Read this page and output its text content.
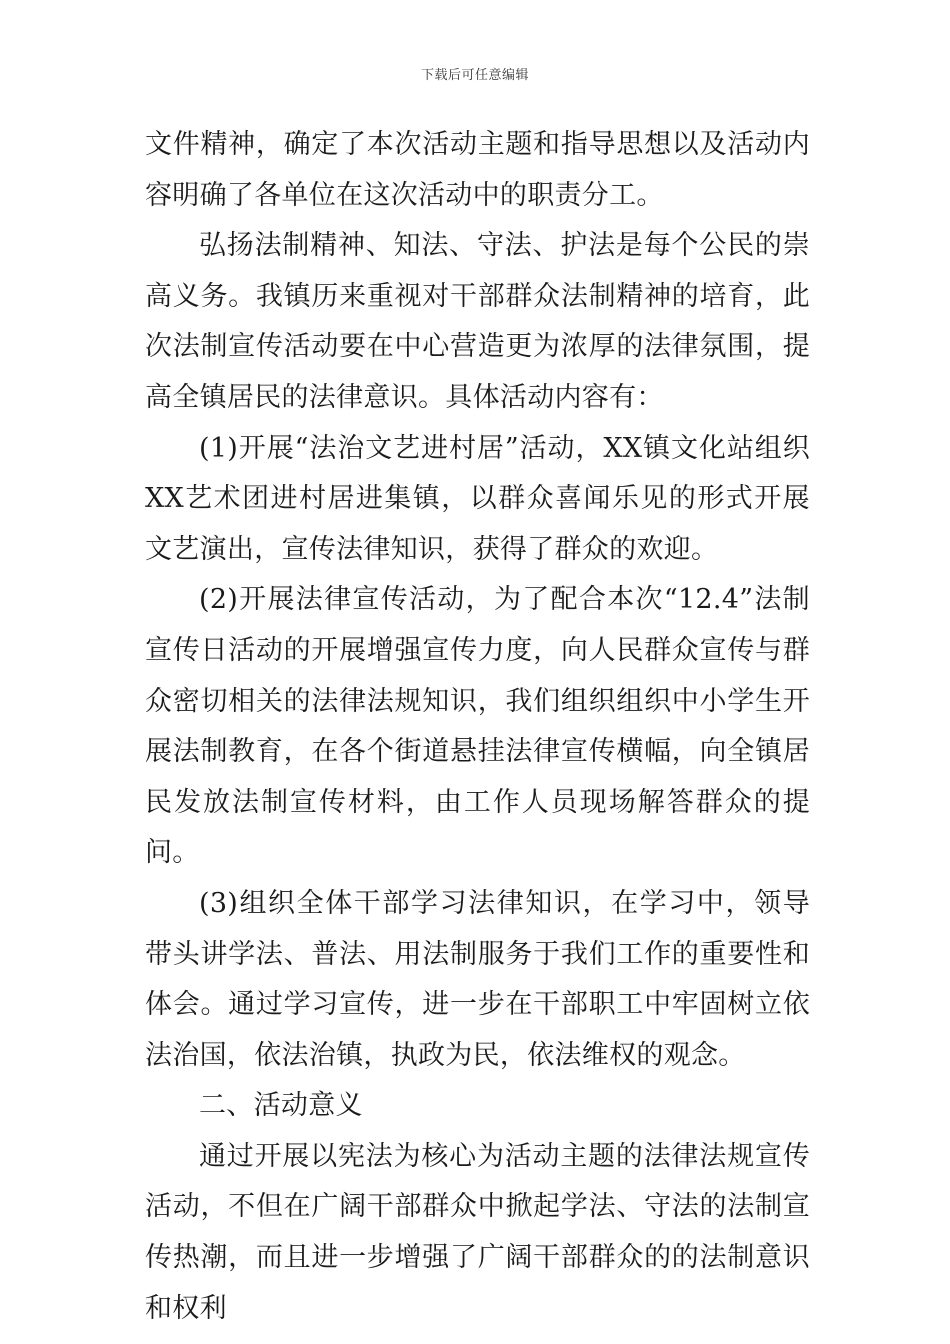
下载后可任意编辑

文件精神，确定了本次活动主题和指导思想以及活动内容明确了各单位在这次活动中的职责分工。

弘扬法制精神、知法、守法、护法是每个公民的崇高义务。我镇历来重视对干部群众法制精神的培育，此次法制宣传活动要在中心营造更为浓厚的法律氛围，提高全镇居民的法律意识。具体活动内容有：

(1)开展“法治文艺进村居”活动，XX镇文化站组织XX艺术团进村居进集镇，以群众喜闻乐见的形式开展文艺演出，宣传法律知识，获得了群众的欢迎。

(2)开展法律宣传活动，为了配合本次“12.4”法制宣传日活动的开展增强宣传力度，向人民群众宣传与群众密切相关的法律法规知识，我们组织组织中小学生开展法制教育，在各个街道悬挂法律宣传横幅，向全镇居民发放法制宣传材料，由工作人员现场解答群众的提问。

(3)组织全体干部学习法律知识，在学习中，领导带头讲学法、普法、用法制服务于我们工作的重要性和体会。通过学习宣传，进一步在干部职工中牢固树立依法治国，依法治镇，执政为民，依法维权的观念。

二、活动意义

通过开展以宪法为核心为活动主题的法律法规宣传活动，不但在广阔干部群众中掀起学法、守法的法制宣传热潮，而且进一步增强了广阔干部群众的的法制意识和权利
